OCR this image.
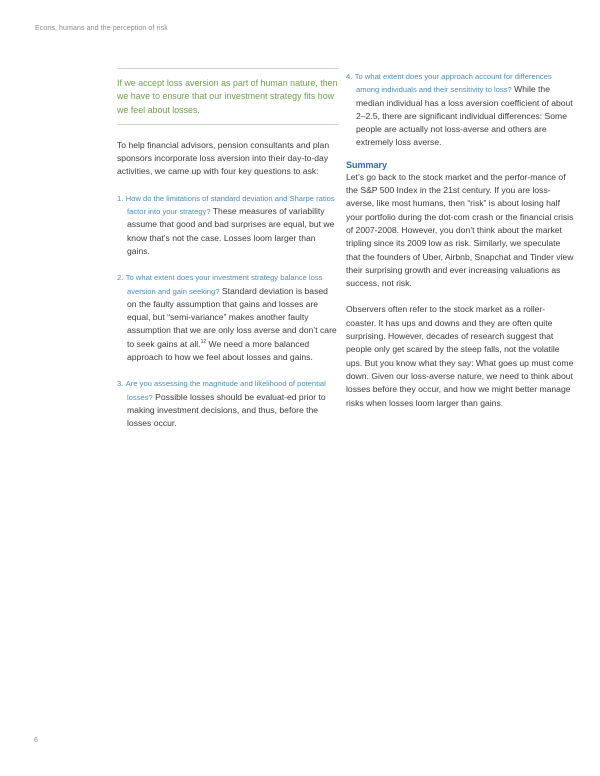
Econs, humans and the perception of risk
If we accept loss aversion as part of human nature, then we have to ensure that our investment strategy fits how we feel about losses.
To help financial advisors, pension consultants and plan sponsors incorporate loss aversion into their day-to-day activities, we came up with four key questions to ask:
1. How do the limitations of standard deviation and Sharpe ratios factor into your strategy? These measures of variability assume that good and bad surprises are equal, but we know that’s not the case. Losses loom larger than gains.
2. To what extent does your investment strategy balance loss aversion and gain seeking? Standard deviation is based on the faulty assumption that gains and losses are equal, but “semi-variance” makes another faulty assumption that we are only loss averse and don’t care to seek gains at all.$^{12}$ We need a more balanced approach to how we feel about losses and gains.
3. Are you assessing the magnitude and likelihood of potential losses? Possible losses should be evaluat-ed prior to making investment decisions, and thus, before the losses occur.
4. To what extent does your approach account for differences among individuals and their sensitivity to loss? While the median individual has a loss aversion coefficient of about 2–2.5, there are significant individual differences: Some people are actually not loss-averse and others are extremely loss averse.
Summary
Let’s go back to the stock market and the perfor-mance of the S&P 500 Index in the 21st century. If you are loss-averse, like most humans, then “risk” is about losing half your portfolio during the dot-com crash or the financial crisis of 2007-2008. However, you don’t think about the market tripling since its 2009 low as risk. Similarly, we speculate that the founders of Uber, Airbnb, Snapchat and Tinder view their surprising growth and ever increasing valuations as success, not risk.
Observers often refer to the stock market as a roller-coaster. It has ups and downs and they are often quite surprising. However, decades of research suggest that people only get scared by the steep falls, not the volatile ups. But you know what they say: What goes up must come down. Given our loss-averse nature, we need to think about losses before they occur, and how we might better manage risks when losses loom larger than gains.
6
